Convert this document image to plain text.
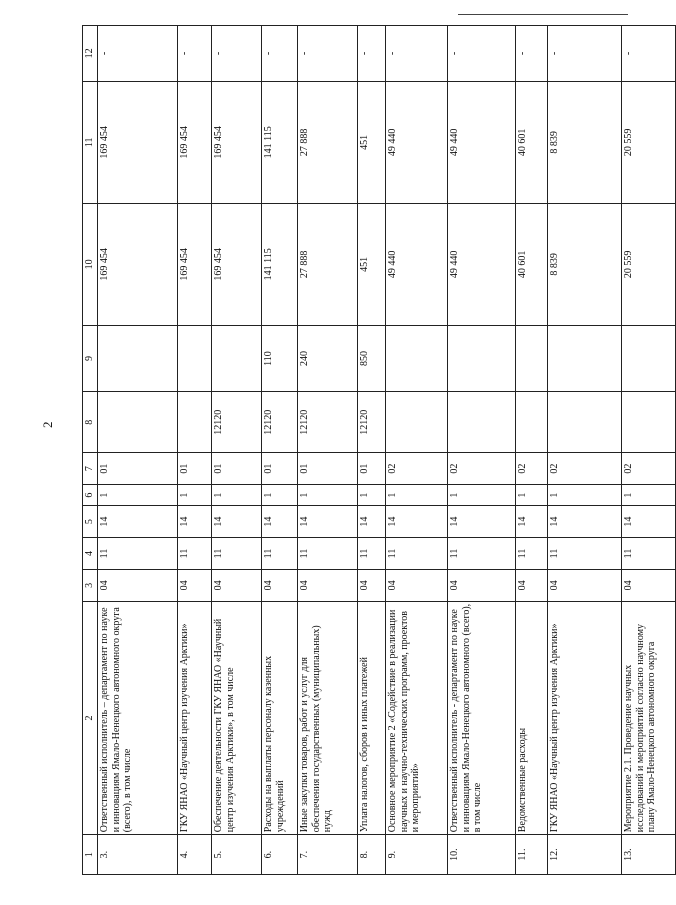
2
1	2	3	4	5	6	7	8	9	10	11	12
3.	Ответственный исполнитель – департамент по науке и инновациям Ямало-Ненецкого автономного округа (всего), в том числе	04	11	14	1	01			169 454	169 454	-
4.	ГКУ ЯНАО «Научный центр изучения Арктики»	04	11	14	1	01			169 454	169 454	-
5.	Обеспечение деятельности ГКУ ЯНАО «Научный центр изучения Арктики», в том числе	04	11	14	1	01	12120		169 454	169 454	-
6.	Расходы на выплаты персоналу казенных учреждений	04	11	14	1	01	12120	110	141 115	141 115	-
7.	Иные закупки товаров, работ и услуг для обеспечения государственных (муниципальных) нужд	04	11	14	1	01	12120	240	27 888	27 888	-
8.	Уплата налогов, сборов и иных платежей	04	11	14	1	01	12120	850	451	451	-
9.	Основное мероприятие 2 «Содействие в реализации научных и научно-технических программ, проектов и мероприятий»	04	11	14	1	02			49 440	49 440	-
10.	Ответственный исполнитель - департамент по науке и инновациям Ямало-Ненецкого автономного (всего), в том числе	04	11	14	1	02			49 440	49 440	-
11.	Ведомственные расходы	04	11	14	1	02			40 601	40 601	-
12.	ГКУ ЯНАО «Научный центр изучения Арктики»	04	11	14	1	02			8 839	8 839	-
13.	Мероприятие 2.1. Проведение научных исследований и мероприятий согласно научному плану Ямало-Ненецкого автономного округа	04	11	14	1	02			20 559	20 559	-
